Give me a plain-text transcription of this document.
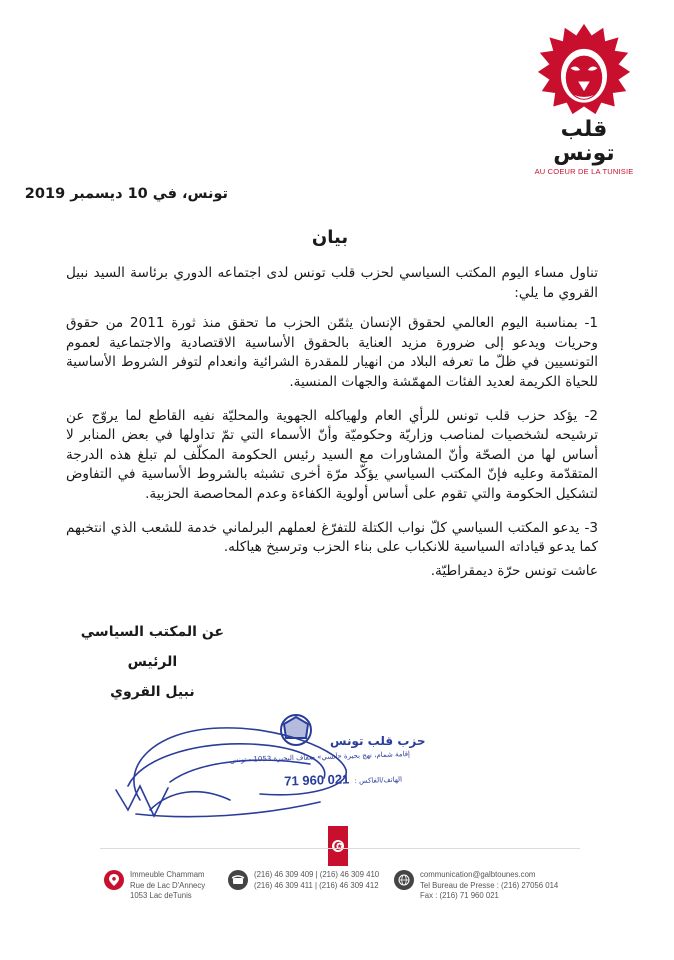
قلب تونس
AU COEUR DE LA TUNISIE
تونس، في 10 ديسمبر 2019
بيان

تناول مساء اليوم المكتب السياسي لحزب قلب تونس لدى اجتماعه الدوري برئاسة السيد نبيل القروي ما يلي:

1- بمناسبة اليوم العالمي لحقوق الإنسان يثمّن الحزب ما تحقق منذ ثورة 2011 من حقوق وحريات ويدعو إلى ضرورة مزيد العناية بالحقوق الأساسية الاقتصادية والاجتماعية لعموم التونسيين في ظلّ ما تعرفه البلاد من انهيار للمقدرة الشرائية وانعدام لتوفر الشروط الأساسية للحياة الكريمة لعديد الفئات المهمّشة والجهات المنسية.

2- يؤكد حزب قلب تونس للرأي العام ولهياكله الجهوية والمحليّة نفيه القاطع لما يروّج عن ترشيحه لشخصيات لمناصب وزاريّة وحكوميّة وأنّ الأسماء التي تمّ تداولها في بعض المنابر لا أساس لها من الصحّة وأنّ المشاورات مع السيد رئيس الحكومة المكلّف لم تبلغ هذه الدرجة المتقدّمة وعليه فإنّ المكتب السياسي يؤكّد مرّة أخرى تشبثه بالشروط الأساسية في التفاوض لتشكيل الحكومة والتي تقوم على أساس أولوية الكفاءة وعدم المحاصصة الحزبية.

3- يدعو المكتب السياسي كلّ نواب الكتلة للتفرّغ لعملهم البرلماني خدمة للشعب الذي انتخبهم كما يدعو قياداته السياسية للانكباب على بناء الحزب وترسيخ هياكله.

عاشت تونس حرّة ديمقراطيّة.

عن المكتب السياسي
الرئيس
نبيل القروي
حزب قلب تونس
إقامة شمام، نهج بحيرة «آنسي» ضفاف البحيرة 1053 - تونس
الهاتف/الفاكس : 71 960 021
Immeuble Chammam
Rue de Lac D'Annecy
1053 Lac deTunis
(216) 46 309 409 | (216) 46 309 410
(216) 46 309 411 | (216) 46 309 412
communication@galbtounes.com
Tel Bureau de Presse : (216) 27056 014
Fax : (216) 71 960 021
